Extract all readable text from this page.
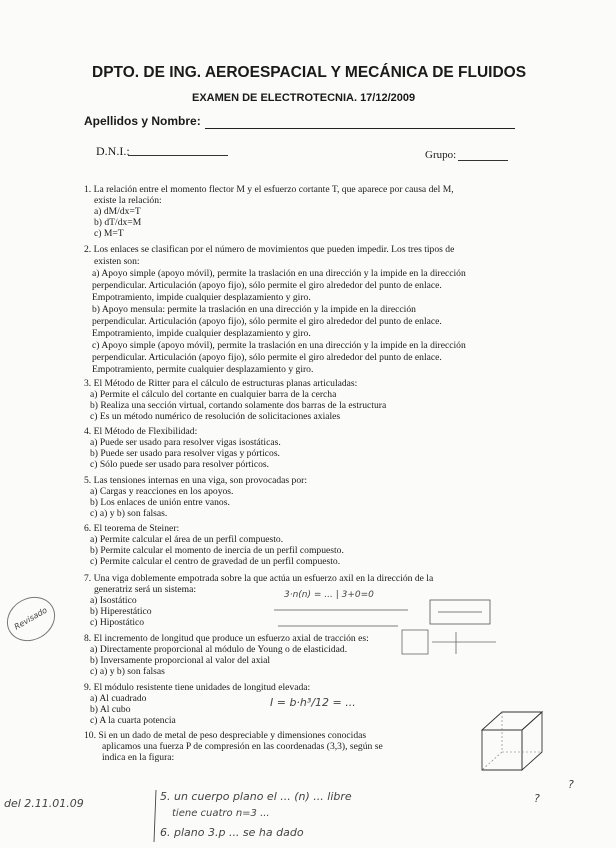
DPTO. DE ING. AEROESPACIAL Y MECÁNICA DE FLUIDOS
EXAMEN DE ELECTROTECNIA. 17/12/2009
Apellidos y Nombre:
D.N.I.:	Grupo:
1. La relación entre el momento flector M y el esfuerzo cortante T, que aparece por causa del M,
existe la relación:
a) dM/dx=T
b) dT/dx=M
c) M=T
2. Los enlaces se clasifican por el número de movimientos que pueden impedir. Los tres tipos de
existen son:
a) Apoyo simple (apoyo móvil), permite la traslación en una dirección y la impide en la dirección
perpendicular. Articulación (apoyo fijo), sólo permite el giro alrededor del punto de enlace.
Empotramiento, impide cualquier desplazamiento y giro.
b) Apoyo mensula: permite la traslación en una dirección y la impide en la dirección
perpendicular. Articulación (apoyo fijo), sólo permite el giro alrededor del punto de enlace.
Empotramiento, impide cualquier desplazamiento y giro.
c) Apoyo simple (apoyo móvil), permite la traslación en una dirección y la impide en la dirección
perpendicular. Articulación (apoyo fijo), sólo permite el giro alrededor del punto de enlace.
Empotramiento, permite cualquier desplazamiento y giro.
3. El Método de Ritter para el cálculo de estructuras planas articuladas:
a) Permite el cálculo del cortante en cualquier barra de la cercha
b) Realiza una sección virtual, cortando solamente dos barras de la estructura
c) Es un método numérico de resolución de solicitaciones axiales
4. El Método de Flexibilidad:
a) Puede ser usado para resolver vigas isostáticas.
b) Puede ser usado para resolver vigas y pórticos.
c) Sólo puede ser usado para resolver pórticos.
5. Las tensiones internas en una viga, son provocadas por:
a) Cargas y reacciones en los apoyos.
b) Los enlaces de unión entre vanos.
c) a) y b) son falsas.
6. El teorema de Steiner:
a) Permite calcular el área de un perfil compuesto.
b) Permite calcular el momento de inercia de un perfil compuesto.
c) Permite calcular el centro de gravedad de un perfil compuesto.
7. Una viga doblemente empotrada sobre la que actúa un esfuerzo axil en la dirección de la
generatriz será un sistema:
a) Isostático
b) Hiperestático
c) Hipostático
8. El incremento de longitud que produce un esfuerzo axial de tracción es:
a) Directamente proporcional al módulo de Young o de elasticidad.
b) Inversamente proporcional al valor del axial
c) a) y b) son falsas
9. El módulo resistente tiene unidades de longitud elevada:
a) Al cuadrado
b) Al cubo
c) A la cuarta potencia
10. Si en un dado de metal de peso despreciable y dimensiones conocidas
aplicamos una fuerza P de compresión en las coordenadas (3,3), según se
indica en la figura:
Revisado
3·n(n) = ... | 3+0=0
I = b·h³/12 = ...
?
?
del 2.11.01.09
5. un cuerpo plano el ... (n) ... libre
tiene cuatro n=3 ...
6. plano 3.p ... se ha dado
